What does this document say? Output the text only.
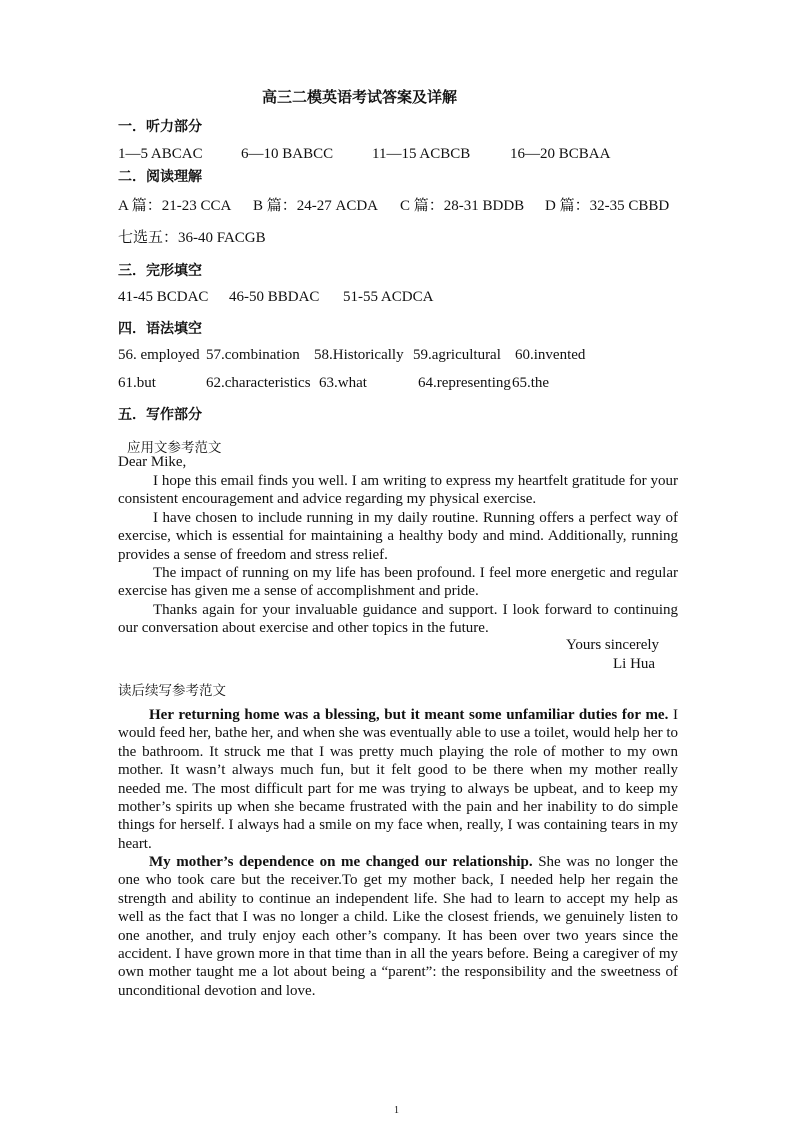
高三二模英语考试答案及详解
一．听力部分
1—5 ABCAC	6—10 BABCC	11—15 ACBCB	16—20 BCBAA
二．阅读理解
A 篇：21-23 CCA B 篇：24-27 ACDA C 篇：28-31 BDDB D 篇：32-35 CBBD
七选五：36-40 FACGB
三．完形填空
41-45 BCDAC 46-50 BBDAC 51-55 ACDCA
四．语法填空
56. employed 57.combination 58.Historically 59.agricultural 60.invented
61.but	62.characteristics 63.what	64.representing 65.the
五．写作部分
应用文参考范文
Dear Mike,
I hope this email finds you well. I am writing to express my heartfelt gratitude for your consistent encouragement and advice regarding my physical exercise.
I have chosen to include running in my daily routine. Running offers a perfect way of exercise, which is essential for maintaining a healthy body and mind. Additionally, running provides a sense of freedom and stress relief.
The impact of running on my life has been profound. I feel more energetic and regular exercise has given me a sense of accomplishment and pride.
Thanks again for your invaluable guidance and support. I look forward to continuing our conversation about exercise and other topics in the future.
Yours sincerely
Li Hua
读后续写参考范文
Her returning home was a blessing, but it meant some unfamiliar duties for me. I would feed her, bathe her, and when she was eventually able to use a toilet, would help her to the bathroom. It struck me that I was pretty much playing the role of mother to my own mother. It wasn’t always much fun, but it felt good to be there when my mother really needed me. The most difficult part for me was trying to always be upbeat, and to keep my mother’s spirits up when she became frustrated with the pain and her inability to do simple things for herself. I always had a smile on my face when, really, I was containing tears in my heart.
My mother’s dependence on me changed our relationship. She was no longer the one who took care but the receiver.To get my mother back, I needed help her regain the strength and ability to continue an independent life. She had to learn to accept my help as well as the fact that I was no longer a child. Like the closest friends, we genuinely listen to one another, and truly enjoy each other’s company. It has been over two years since the accident. I have grown more in that time than in all the years before. Being a caregiver of my own mother taught me a lot about being a “parent”: the responsibility and the sweetness of unconditional devotion and love.
1
